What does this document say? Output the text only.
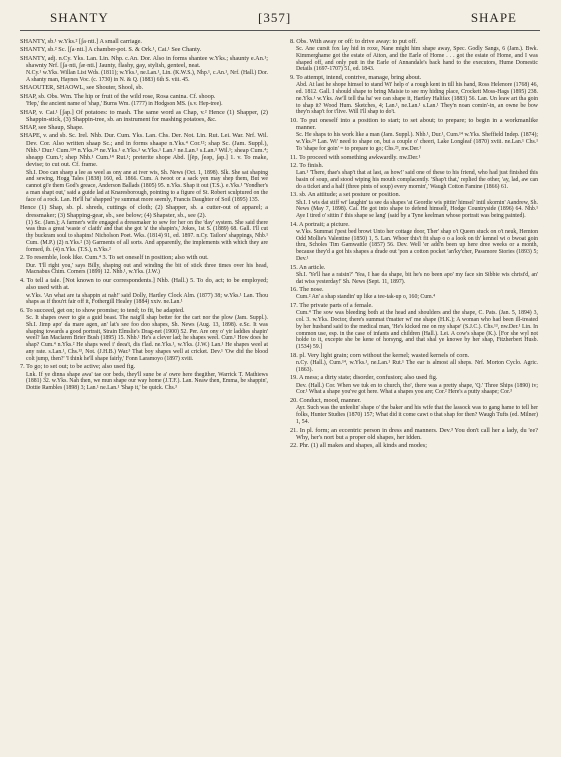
SHANTY	[357]	SHAPE

SHANTY, sb.¹ w.Yks.² [ʃa·nti.] A small carriage.

SHANTY, sb.² Sc. [ʃa·nti.] A chamber-pot. S. & Ork.¹, Cai.¹ See Chanty.

SHANTY, adj. n.Cy. Yks. Lan. Lin. Nhp. c.An. Dor. Also in forms shantee w.Yks.; shaunty e.An.¹; shawnty Nrf. [ʃa·nti, ʃæ·nti.] Jaunty, flashy, gay, stylish, genteel, neat.

N.Cy.¹ w.Yks. Willan List Wds. (1811); w.Yks.¹, ne.Lan.¹, Lin. (K.W.S.), Nhp.¹, c.An.¹, Nrf. (Hall.) Dor. A shanty man, Haynes Voc. (c. 1730) in N. & Q. (1883) 6th S. viii. 45.

SHAOUTER, SHAOWL, see Shouter, Shool, sb.

SHAP, sb. Obs. Wm. The hip or fruit of the wild rose, Rosa canina. Cf. shoop.

'Hep,' the ancient name of 'shap,' Burns Wm. (1777) in Hodgson MS. (s.v. Hep-tree).

SHAP, v. Cai.¹ [ʃap.] Of potatoes: to mash. The same word as Chap, v.² Hence (1) Shapper, (2) Shappin-stick, (3) Shappin-tree, sb. an instrument for mashing potatoes, &c.

SHAP, see Shaup, Shape.

SHAPE, v. and sb. Sc. Irel. Nhb. Dur. Cum. Yks. Lan. Chs. Der. Not. Lin. Rut. Lei. War. Nrf. Wil. Dev. Cor. Also written shaap Sc.; and in forms shaape n.Yks.⁴ Cor.¹²; shap Sc. (Jam. Suppl.), Nhb.¹ Dur.¹ Cum.¹³⁴ n.Yks.²⁴ ne.Yks.¹ e.Yks.¹ w.Yks.¹ Lan.¹ ne.Lan.¹ s.Lan.¹ Wil.¹; sheap Cum.⁴; sheapp Cum.¹; shep Nhb.¹ Cum.¹⁴ Rut.¹; preterite shope Abd. [ʃēp, ʃeəp, ʃap.] 1. v. To make, devise; to cut out. Cf. frame.

Sh.I. Doo can shaep a lee as weel as ony ane at iver wis, Sh. News (Oct. 1, 1898). Slk. She sat shaping and sewing, Hogg Tales (1838) 160, ed. 1866. Cum. A twoot or a sack yen may shep them, But we cannot gi'e them God's greace, Anderson Ballads (1805) 95. n.Yks. Shap it out (T.S.). e.Yks.¹ 'Yondher's a man shapt out,' said a guide lad at Knaresborough, pointing to a figure of St. Robert sculptured on the face of a rock. Lan. He'll ha' shapped 'ye summat more seemly, Francis Daughter of Soil (1895) 135.

Hence (1) Shap, sb. pl. shreds, cuttings of cloth; (2) Shapper, sb. a cutter-out of apparel; a dressmaker; (3) Shapping-gear, sb., see below; (4) Shapster, sb., see (2).

(1) Sc. (Jam.); A farmer's wife engaged a dressmaker to sew for her on the 'day' system. She said there was thus a great 'waste o' claith' and that she got 'a' the shapin's,' Jokes, 1st S. (1889) 68. Gall. I'll cut thy buckram soul to shapins! Nicholson Poet. Wks. (1814) 91, ed. 1897. n.Cy. Tailors' shappings, Nhb.¹ Cum. (M.P.) (2) n.Yks.² (3) Garments of all sorts. And apparently, the implements with which they are formed, ib. (4) n.Yks. (T.S.), n.Yks.²

2. To resemble, look like. Cum.⁴ 3. To set oneself in position; also with out.

Dur. 'I'll right you,' says Billy, shaping out and winding the bit of stick three times over his head, Macnabus Chim. Corners (1899) 12. Nhb.¹, w.Yks. (J.W.)

4. To tell a tale. [Not known to our correspondents.] Nhb. (Hall.) 5. To do, act; to be employed; also used with at.

w.Yks. 'An what are ta shappin at nah!' said Dolly, Hartley Clock Alm. (1877) 38; w.Yks.¹ Lan. Thou shaps as if thou'rt fair off it, Fothergill Healey (1884) xxiv. ne.Lan.¹

6. To succeed, get on; to show promise; to tend; to fit, be adapted.

Sc. It shapes ower to gie a guid beast. The naig'll shap better for the cart nor the plow (Jam. Suppl.). Sh.I. Jimp apo' da mare agen, an' lat's see foo doo shapes, Sh. News (Aug. 13, 1898). e.Sc. It was shaping towards a good portrait, Strain Elmslie's Drag-net (1900) 52. Per. Are ony o' yir laddies shapin' weel? Ian Maclaren Brier Bush (1895) 15. Nhb.¹ He's a clever lad; he shapes weel. Cum.¹ How does he shap? Cum.⁴ n.Yks.² He shaps weel i' deea't, dis t'lad. ne.Yks.¹, w.Yks. (J.W.) Lan.¹ He shapes weel at any rate. s.Lan.¹, Chs.¹³, Not. (J.H.B.) War.³ That boy shapes well at cricket. Dev.¹ 'Ow did the blood colt jump, then?' 'I think he'll shape fairly,' Fonn Laramoyo (1897) xviii.

7. To go; to set out; to be active; also used fig.

Lnk. If ye dinna shape awa' tae oor beds, they'll sune be a' owre here thegither, Warrick T. Mathiews (1881) 32. w.Yks. Nah then, we mun shape our way home (J.T.F.). Lan. Neaw then, Emma, be shappin', Dottie Rambles (1898) 3; Lan.¹ ne.Lan.¹ 'Shap it,' be quick. Chs.³

8. Obs. With away or off: to drive away: to put off.

Sc. Ane cursit fox lay hid in roxe, Nane might him shape away, Spec. Godly Sangs, 6 (Jam.). Bwk. Kimmerghame got the estate of Aiton, and the Earle of Home . . . got the estate of Home, and I was shaped off, and only putt in the Earle of Annandale's back hand to the executors, Hume Domestic Details (1697-1707) 51, ed. 1843.

9. To attempt, intend, contrive, manage, bring about.

Abd. At last he shope himsel to stand Wi' help o' a rough kent in till his hand, Ross Helenore (1768) 46, ed. 1812. Gall. I should shape to bring Maisie to see my hiding place, Crockett Moss-Hags (1895) 238. ne.Yks.¹ w.Yks. Aw'll tell tha ha' we can shape it, Hartley Halifax (1883) 56. Lan. Un leaw art tha goin to shap it? Wood Hum. Sketches, 4; Lan.¹, ne.Lan.¹ s.Lan.¹ They'n noan comin'-in, an owne be bow they'n shap't for t'live. Will I'll shap to do't.

10. To put oneself into a position to start; to set about; to prepare; to begin in a workmanlike manner.

Sc. He shaps to his work like a man (Jam. Suppl.). Nhb.¹, Dur.¹, Cum.¹⁴ w.Yks. Sheffield Indep. (1874); w.Yks.²⁴ Lan. Wi' need to shape on, but a couple o' cheeri, Lake Longleaf (1870) xviii. ne.Lan.¹ Chs.¹ To 'shape for goin' = to prepare to go; Chs.²³, nw.Der.¹

11. To proceed with something awkwardly. nw.Der.¹

12. To finish.

Lan.¹ 'There, thae's shap't that at last, as how!' said one of these to his friend, who had just finished this basin of soup, and stood wiping his mouth complacently. 'Shap't that,' replied the other, 'ay, lad, aw can do a ticket and a half (three pints of soup) every mornin',' Waugh Cotton Famine (1866) 61.

13. sb. An attitude; a set posture or position.

Sh.I. I wis dat stiff wi' laughin' ta see da shapes 'at Geordie wis pittin' himsel' intil skornin' Aandrew, Sh. News (May 7, 1898). Cai. He got into shape to defend himself, Hodge Countryside (1896) 64. Nhb.¹ Aye I tired o' sittin i' this shape se lang' (said by a Tyne keelman whose portrait was being painted).

14. A portrait; a picture.

w.Yks. Summat i'pest bed browt Unto her cottage door, Ther' shap o't Queen stuck on o't neuk, Hemton Odd Mollie's Valentine (1850) 1, 5. Lan. Whoer this't fit shap o o a look on th' kennel wi o bwoat goin thru, Scholes Tim Gamwattle (1857) 56. Dev. Well 'er add'n been up here dree weeks or a month, because they'd a got his shapes a drade out 'pon a cotton pocket 'an'ky'cher, Passmore Stories (1893) 5; Dev.¹

15. An article.

Sh.I. 'Ye'll hae a raisin?' 'Yea, I hae da shape, bit he's no been apo' my face sin Sibbie wis christ'd, an' dat wiss yesterday!' Sh. News (Sept. 11, 1897).

16. The nose.

Cum.² An' a shap standin' up like a tee-tak-up o, 160; Cum.⁴

17. The private parts of a female.

Cum.⁴ The sow was bleeding both at the head and shoulders and the shape, C. Pats. (Jan. 5, 1894) 3, col. 3. w.Yks. Doctor, there's summat t'matter wi' me shape (H.K.); A woman who had been ill-treated by her husband said to the medical man, 'He's kicked me on my shape' (S.J.C.). Chs.¹³, nw.Der.¹ Lin. In common use, esp. in the case of infants and children (Hall.). Lei. A cow's shape (K.). [For she wyl not holde to it, excepte she be kene of horsyng, and that shal ye knowe by her shap, Fitzherbert Husb. (1534) 59.]

18. pl. Very light grain; corn without the kernel; wasted kernels of corn.

n.Cy. (Hall.), Cum.¹⁴, w.Yks.¹, ne.Lan.¹ Rut.¹ The ear is almost all sheps. Nrf. Morton Cyclo. Agric. (1863).

19. A mess; a dirty state; disorder, confusion; also used fig.

Dev. (Hall.) Cor. When we tuk en to church, tho', there was a pretty shape, 'Q.' Three Ships (1890) iv; Cor.¹ What a shape you've got here. What a shapes you are; Cor.² Here's a putty shaape; Cor.³

20. Conduct, mood, manner.

Ayr. Such was the unfeelin' shape o' the baker and his wife that the lassock was to gang hame to tell her folks, Hunter Studies (1870) 157; What did it come cawt o that shap for then? Waugh Tufts (ed. Milner) 1, 54.

21. In pl. form; an eccentric person in dress and manners. Dev.³ You don't call her a lady, du 'ee? Why, her's nort but a proper old shapes, her idden.

22. Phr. (1) all makes and shapes, all kinds and modes;
